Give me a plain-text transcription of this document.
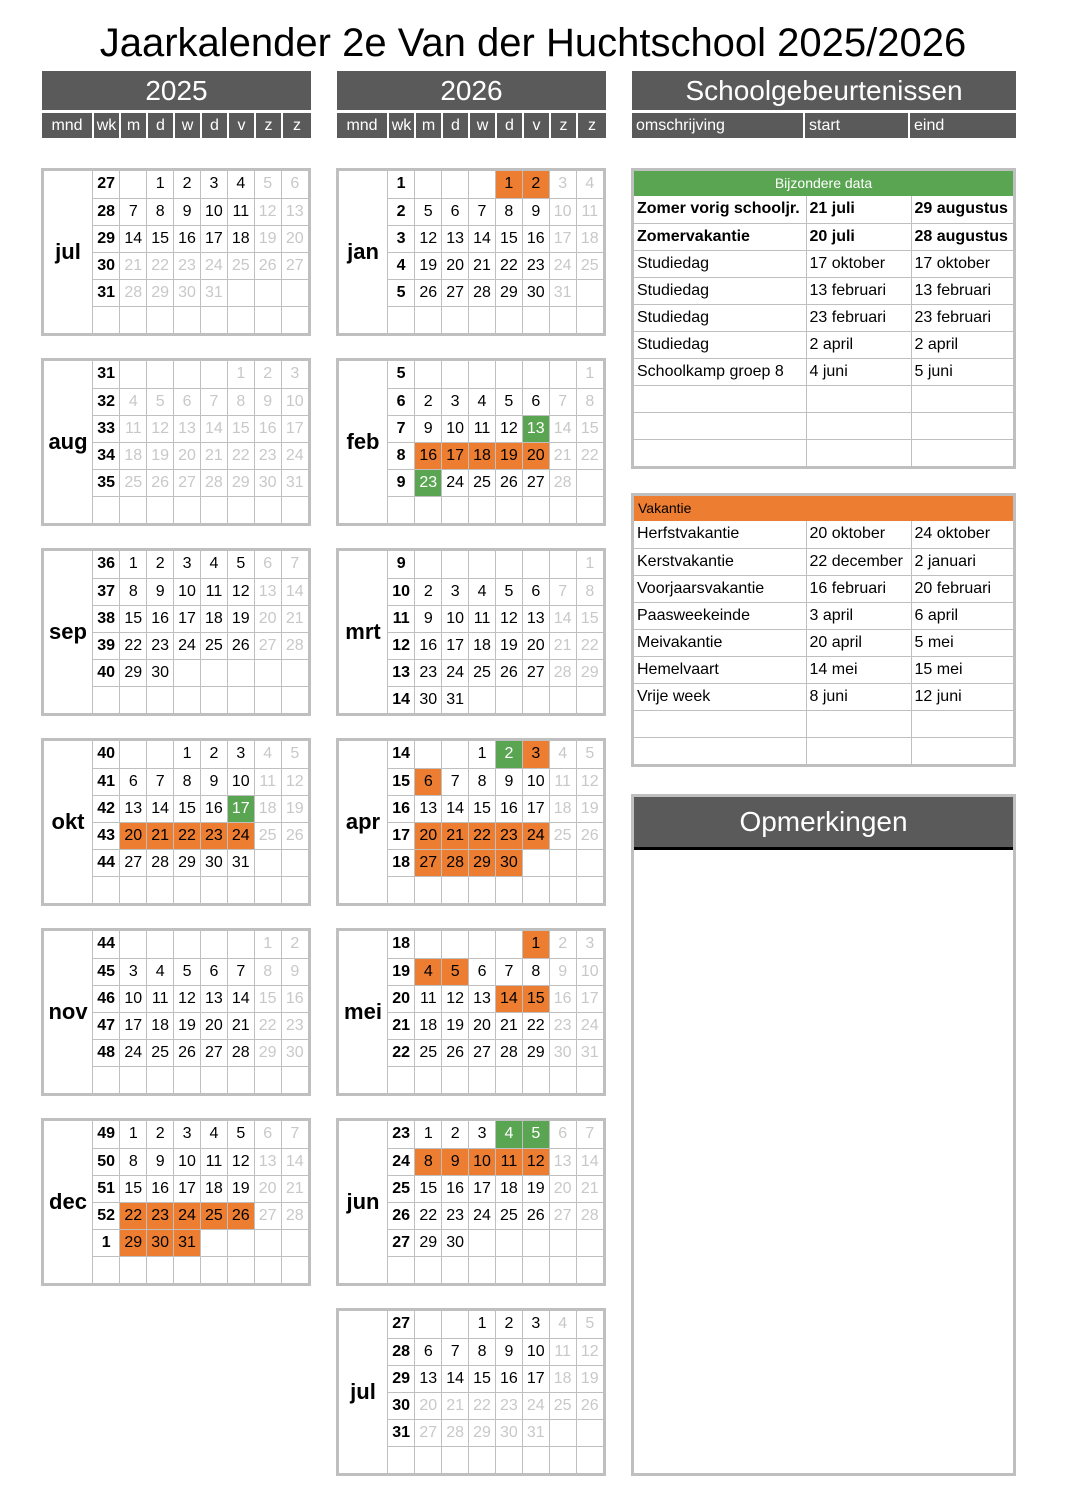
Jaarkalender 2e Van der Huchtschool 2025/2026
2025
mnd wk m d	w	d	v	z	z
2026
mnd wk m d	w	d	v	z	z
Schoolgebeurtenissen
omschrijving	start	eind
jul
27		1	2	3	4	5	6
28	7	8	9	10	11	12	13
29	14	15	16	17	18	19	20
30	21	22	23	24	25	26	27
31	28	29	30	31			

aug
31					1	2	3
32	4	5	6	7	8	9	10
33	11	12	13	14	15	16	17
34	18	19	20	21	22	23	24
35	25	26	27	28	29	30	31

sep
36	1	2	3	4	5	6	7
37	8	9	10	11	12	13	14
38	15	16	17	18	19	20	21
39	22	23	24	25	26	27	28
40	29	30					

okt
40			1	2	3	4	5
41	6	7	8	9	10	11	12
42	13	14	15	16	17	18	19
43	20	21	22	23	24	25	26
44	27	28	29	30	31		

nov
44						1	2
45	3	4	5	6	7	8	9
46	10	11	12	13	14	15	16
47	17	18	19	20	21	22	23
48	24	25	26	27	28	29	30

dec
49	1	2	3	4	5	6	7
50	8	9	10	11	12	13	14
51	15	16	17	18	19	20	21
52	22	23	24	25	26	27	28
1	29	30	31				

jan
1				1	2	3	4
2	5	6	7	8	9	10	11
3	12	13	14	15	16	17	18
4	19	20	21	22	23	24	25
5	26	27	28	29	30	31	

feb
5							1
6	2	3	4	5	6	7	8
7	9	10	11	12	13	14	15
8	16	17	18	19	20	21	22
9	23	24	25	26	27	28	

mrt
9							1
10	2	3	4	5	6	7	8
11	9	10	11	12	13	14	15
12	16	17	18	19	20	21	22
13	23	24	25	26	27	28	29
14	30	31					
apr
14			1	2	3	4	5
15	6	7	8	9	10	11	12
16	13	14	15	16	17	18	19
17	20	21	22	23	24	25	26
18	27	28	29	30			

mei
18					1	2	3
19	4	5	6	7	8	9	10
20	11	12	13	14	15	16	17
21	18	19	20	21	22	23	24
22	25	26	27	28	29	30	31

jun
23	1	2	3	4	5	6	7
24	8	9	10	11	12	13	14
25	15	16	17	18	19	20	21
26	22	23	24	25	26	27	28
27	29	30					

jul
27			1	2	3	4	5
28	6	7	8	9	10	11	12
29	13	14	15	16	17	18	19
30	20	21	22	23	24	25	26
31	27	28	29	30	31		

Bijzondere data
Zomer vorig schooljr.	21 juli	29 augustus
Zomervakantie	20 juli	28 augustus
Studiedag	17 oktober	17 oktober
Studiedag	13 februari	13 februari
Studiedag	23 februari	23 februari
Studiedag	2 april	2 april
Schoolkamp groep 8	4 juni	5 juni

Vakantie
Herfstvakantie	20 oktober	24 oktober
Kerstvakantie	22 december	2 januari
Voorjaarsvakantie	16 februari	20 februari
Paasweekeinde	3 april	6 april
Meivakantie	20 april	5 mei
Hemelvaart	14 mei	15 mei
Vrije week	8 juni	12 juni

Opmerkingen
